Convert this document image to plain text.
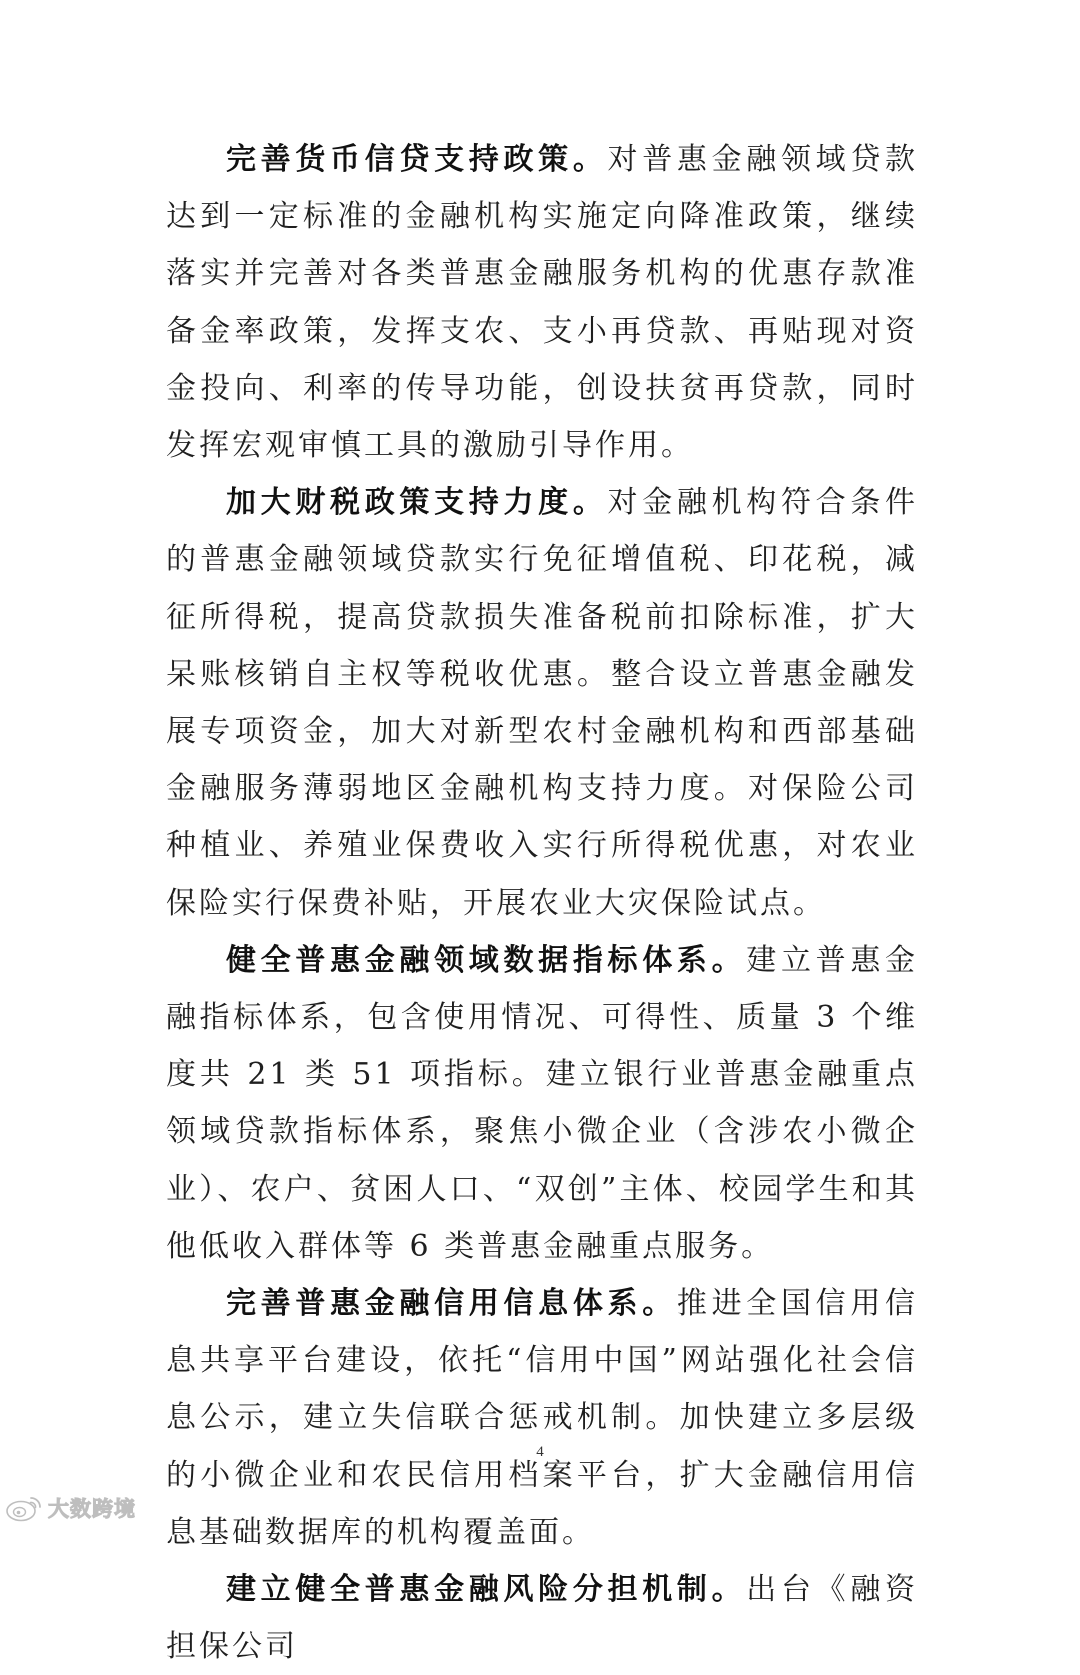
完善货币信贷支持政策。对普惠金融领域贷款达到一定标准的金融机构实施定向降准政策，继续落实并完善对各类普惠金融服务机构的优惠存款准备金率政策，发挥支农、支小再贷款、再贴现对资金投向、利率的传导功能，创设扶贫再贷款，同时发挥宏观审慎工具的激励引导作用。

加大财税政策支持力度。对金融机构符合条件的普惠金融领域贷款实行免征增值税、印花税，减征所得税，提高贷款损失准备税前扣除标准，扩大呆账核销自主权等税收优惠。整合设立普惠金融发展专项资金，加大对新型农村金融机构和西部基础金融服务薄弱地区金融机构支持力度。对保险公司种植业、养殖业保费收入实行所得税优惠，对农业保险实行保费补贴，开展农业大灾保险试点。

健全普惠金融领域数据指标体系。建立普惠金融指标体系，包含使用情况、可得性、质量 3 个维度共 21 类 51 项指标。建立银行业普惠金融重点领域贷款指标体系，聚焦小微企业（含涉农小微企业）、农户、贫困人口、“双创”主体、校园学生和其他低收入群体等 6 类普惠金融重点服务。

完善普惠金融信用信息体系。推进全国信用信息共享平台建设，依托“信用中国”网站强化社会信息公示，建立失信联合惩戒机制。加快建立多层级的小微企业和农民信用档案平台，扩大金融信用信息基础数据库的机构覆盖面。

建立健全普惠金融风险分担机制。出台《融资担保公司

4
大数跨境
